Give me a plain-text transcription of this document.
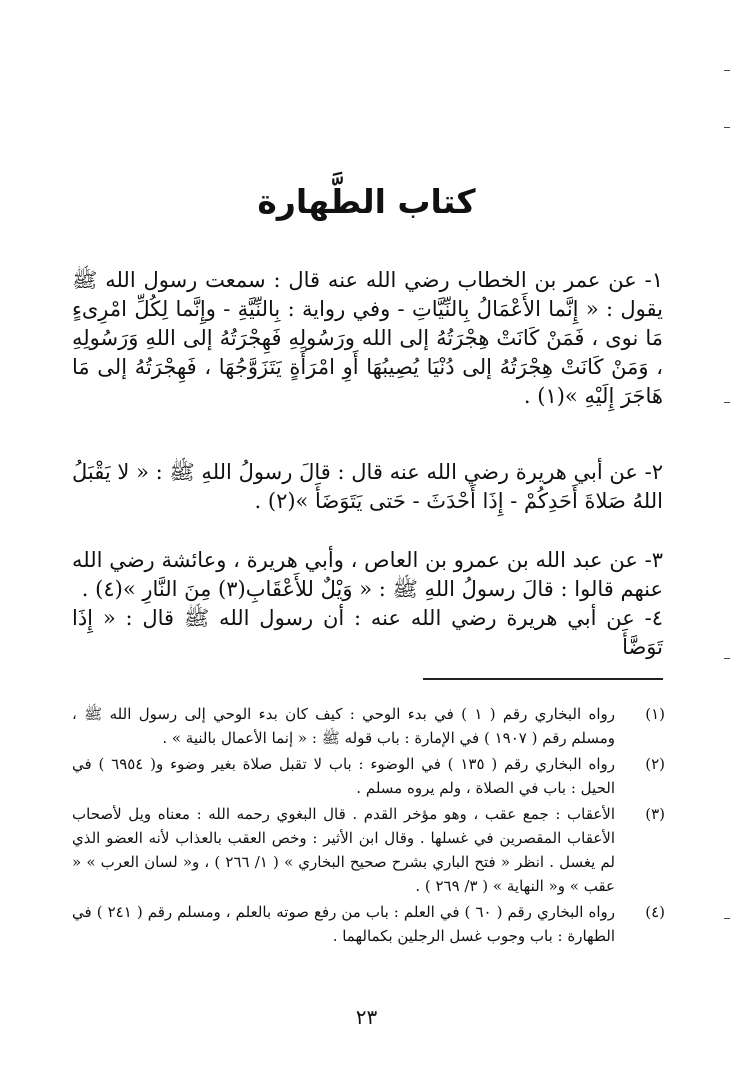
كتاب الطَّهارة
١- عن عمر بن الخطاب رضي الله عنه قال : سمعت رسول الله ﷺ يقول : « إِنَّما الأَعْمَالُ بِالنِّيَّاتِ - وفي رواية : بِالنِّيَّةِ - وإِنَّما لِكُلِّ امْرِىءٍ مَا نوى ، فَمَنْ كَانَتْ هِجْرَتُهُ إلى الله ورَسُولِهِ فَهِجْرَتُهُ إلى اللهِ وَرَسُولِهِ ، وَمَنْ كَانَتْ هِجْرَتُهُ إلى دُنْيَا يُصِيبُهَا أَوِ امْرَأَةٍ يَتَزَوَّجُهَا ، فَهِجْرَتُهُ إلى مَا هَاجَرَ إِلَيْهِ »(١) .
٢- عن أبي هريرة رضي الله عنه قال : قالَ رسولُ اللهِ ﷺ : « لا يَقْبَلُ اللهُ صَلاةَ أَحَدِكُمْ - إِذَا أَحْدَثَ - حَتى يَتَوَضَأَ »(٢) .
٣- عن عبد الله بن عمرو بن العاص ، وأبي هريرة ، وعائشة رضي الله عنهم قالوا : قالَ رسولُ اللهِ ﷺ : « وَيْلٌ للأَعْقَابِ(٣) مِنَ النَّارِ »(٤) .
٤- عن أبي هريرة رضي الله عنه : أن رسول الله ﷺ قال : « إِذَا تَوَضَّأَ
(١)
رواه البخاري رقم ( ١ ) في بدء الوحي : كيف كان بدء الوحي إلى رسول الله ﷺ ، ومسلم رقم ( ١٩٠٧ ) في الإمارة : باب قوله ﷺ : « إنما الأعمال بالنية » .
(٢)
رواه البخاري رقم ( ١٣٥ ) في الوضوء : باب لا تقبل صلاة بغير وضوء و( ٦٩٥٤ ) في الحيل : باب في الصلاة ، ولم يروه مسلم .
(٣)
الأعقاب : جمع عقب ، وهو مؤخر القدم . قال البغوي رحمه الله : معناه ويل لأصحاب الأعقاب المقصرين في غسلها . وقال ابن الأثير : وخص العقب بالعذاب لأنه العضو الذي لم يغسل . انظر « فتح الباري بشرح صحيح البخاري » ( ١/ ٢٦٦ ) ، و« لسان العرب » « عقب » و« النهاية » ( ٣/ ٢٦٩ ) .
(٤)
رواه البخاري رقم ( ٦٠ ) في العلم : باب من رفع صوته بالعلم ، ومسلم رقم ( ٢٤١ ) في الطهارة : باب وجوب غسل الرجلين بكمالهما .
٢٣
